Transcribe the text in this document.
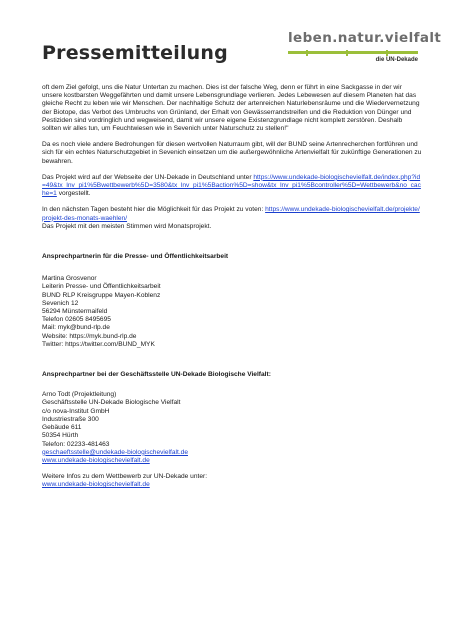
Pressemitteilung
leben.natur.vielfalt
die UN-Dekade

oft dem Ziel gefolgt, uns die Natur Untertan zu machen. Dies ist der falsche Weg, denn er führt in eine Sackgasse in der wir unsere kostbarsten Weggefährten und damit unsere Lebensgrundlage verlieren. Jedes Lebewesen auf diesem Planeten hat das gleiche Recht zu leben wie wir Menschen. Der nachhaltige Schutz der artenreichen Naturlebensräume und die Wiedervernetzung der Biotope, das Verbot des Umbruchs von Grünland, der Erhalt von Gewässerrandstreifen und die Reduktion von Dünger und Pestiziden sind vordringlich und wegweisend, damit wir unsere eigene Existenzgrundlage nicht komplett zerstören. Deshalb sollten wir alles tun, um Feuchtwiesen wie in Sevenich unter Naturschutz zu stellen!"

Da es noch viele andere Bedrohungen für diesen wertvollen Naturraum gibt, will der BUND seine Artenrecherchen fortführen und sich für ein echtes Naturschutzgebiet in Sevenich einsetzen um die außergewöhnliche Artenvielfalt für zukünftige Generationen zu bewahren.

Das Projekt wird auf der Webseite der UN-Dekade in Deutschland unter https://www.undekade-biologischevielfalt.de/index.php?id=49&tx_lnv_pi1%5Bwettbewerb%5D=3580&tx_lnv_pi1%5Baction%5D=show&tx_lnv_pi1%5Bcontroller%5D=Wettbewerb&no_cache=1 vorgestellt.

In den nächsten Tagen besteht hier die Möglichkeit für das Projekt zu voten: https://www.undekade-biologischevielfalt.de/projekte/projekt-des-monats-waehlen/
Das Projekt mit den meisten Stimmen wird Monatsprojekt.

Ansprechpartnerin für die Presse- und Öffentlichkeitsarbeit

Martina Grosvenor
Leiterin Presse- und Öffentlichkeitsarbeit
BUND RLP Kreisgruppe Mayen-Koblenz
Sevenich 12
56294 Münstermaifeld
Telefon 02605 8495695
Mail: myk@bund-rlp.de
Website: https://myk.bund-rlp.de
Twitter: https://twitter.com/BUND_MYK

Ansprechpartner bei der Geschäftsstelle UN-Dekade Biologische Vielfalt:

Arno Todt (Projektleitung)
Geschäftsstelle UN-Dekade Biologische Vielfalt
c/o nova-Institut GmbH
Industriestraße 300
Gebäude 611
50354 Hürth
Telefon: 02233-481463
geschaeftsstelle@undekade-biologischevielfalt.de
www.undekade-biologischevielfalt.de
Weitere Infos zu dem Wettbewerb zur UN-Dekade unter:
www.undekade-biologischevielfalt.de
